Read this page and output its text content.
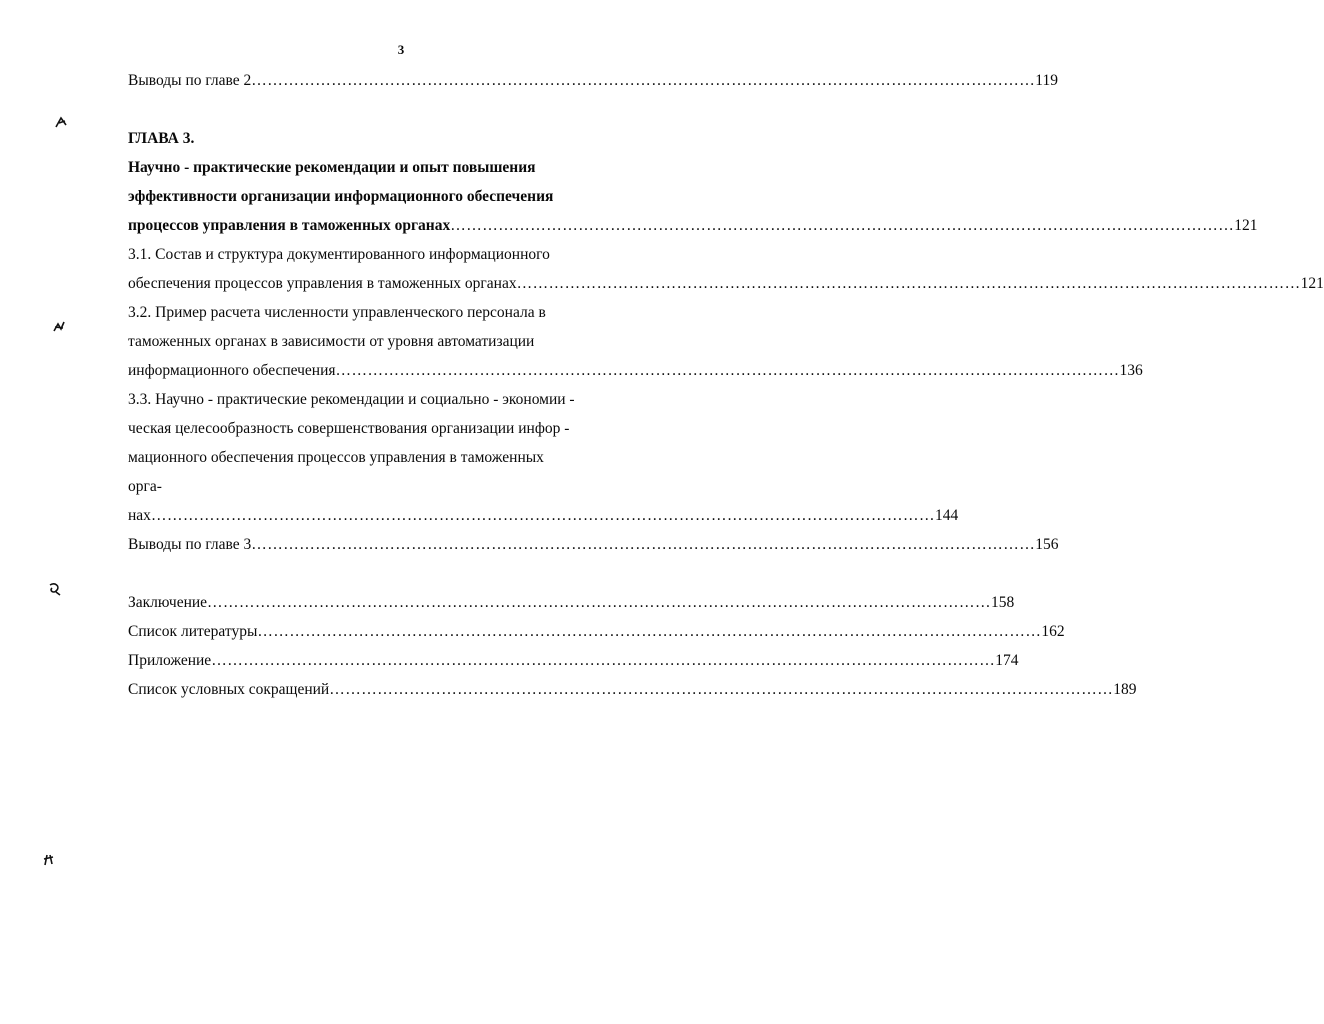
3
Выводы по главе 2 ………………………………………………………………………………………………………………………………… 119
ГЛАВА 3.
Научно - практические рекомендации и опыт повышения
эффективности организации информационного обеспечения
процессов управления в таможенных органах ………………………………………………………………………………………………………………………………… 121
3.1. Состав и структура документированного информационного
обеспечения процессов управления в таможенных органах ………………………………………………………………………………………………………………………………… 121
3.2. Пример расчета численности управленческого персонала в
таможенных органах в зависимости от уровня автоматизации
информационного обеспечения ………………………………………………………………………………………………………………………………… 136
3.3. Научно - практические рекомендации и социально - экономии -
ческая целесообразность совершенствования организации инфор -
мационного обеспечения процессов управления в таможенных
орга-
нах ………………………………………………………………………………………………………………………………… 144
Выводы по главе 3 ………………………………………………………………………………………………………………………………… 156
Заключение ………………………………………………………………………………………………………………………………… 158
Список литературы ………………………………………………………………………………………………………………………………… 162
Приложение ………………………………………………………………………………………………………………………………… 174
Список условных сокращений ………………………………………………………………………………………………………………………………… 189
